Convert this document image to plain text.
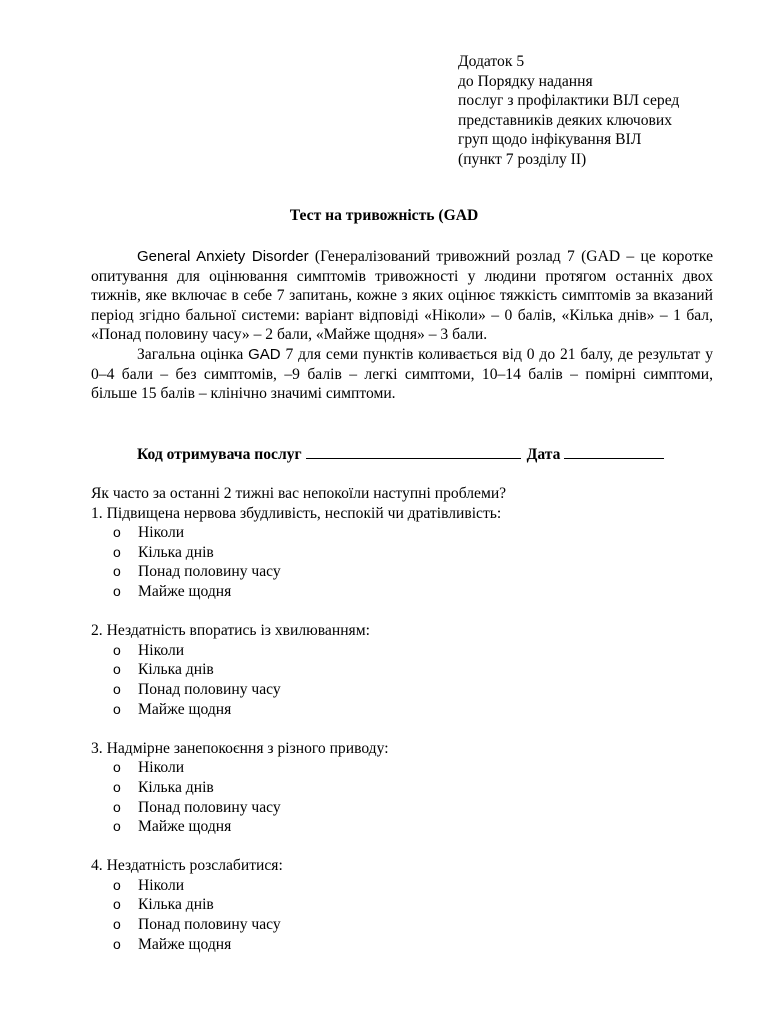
Додаток 5
до Порядку надання
послуг з профілактики ВІЛ серед
представників деяких ключових
груп щодо інфікування ВІЛ
(пункт 7 розділу ІІ)
Тест на тривожність (GAD

General Anxiety Disorder (Генералізований тривожний розлад 7 (GAD – це коротке опитування для оцінювання симптомів тривожності у людини протягом останніх двох тижнів, яке включає в себе 7 запитань, кожне з яких оцінює тяжкість симптомів за вказаний період згідно бальної системи: варіант відповіді «Ніколи» – 0 балів, «Кілька днів» – 1 бал, «Понад половину часу» – 2 бали, «Майже щодня» – 3 бали.

Загальна оцінка GAD 7 для семи пунктів коливається від 0 до 21 балу, де результат у 0–4 бали – без симптомів, –9 балів – легкі симптоми, 10–14 балів – помірні симптоми, більше 15 балів – клінічно значимі симптоми.

Код отримувача послуг	Дата
Як часто за останні 2 тижні вас непокоїли наступні проблеми?
1. Підвищена нервова збудливість, неспокій чи дратівливість:
o Ніколи
o Кілька днів
o Понад половину часу
o Майже щодня
2. Нездатність впоратись із хвилюванням:
o Ніколи
o Кілька днів
o Понад половину часу
o Майже щодня
3. Надмірне занепокоєння з різного приводу:
o Ніколи
o Кілька днів
o Понад половину часу
o Майже щодня
4. Нездатність розслабитися:
o Ніколи
o Кілька днів
o Понад половину часу
o Майже щодня
